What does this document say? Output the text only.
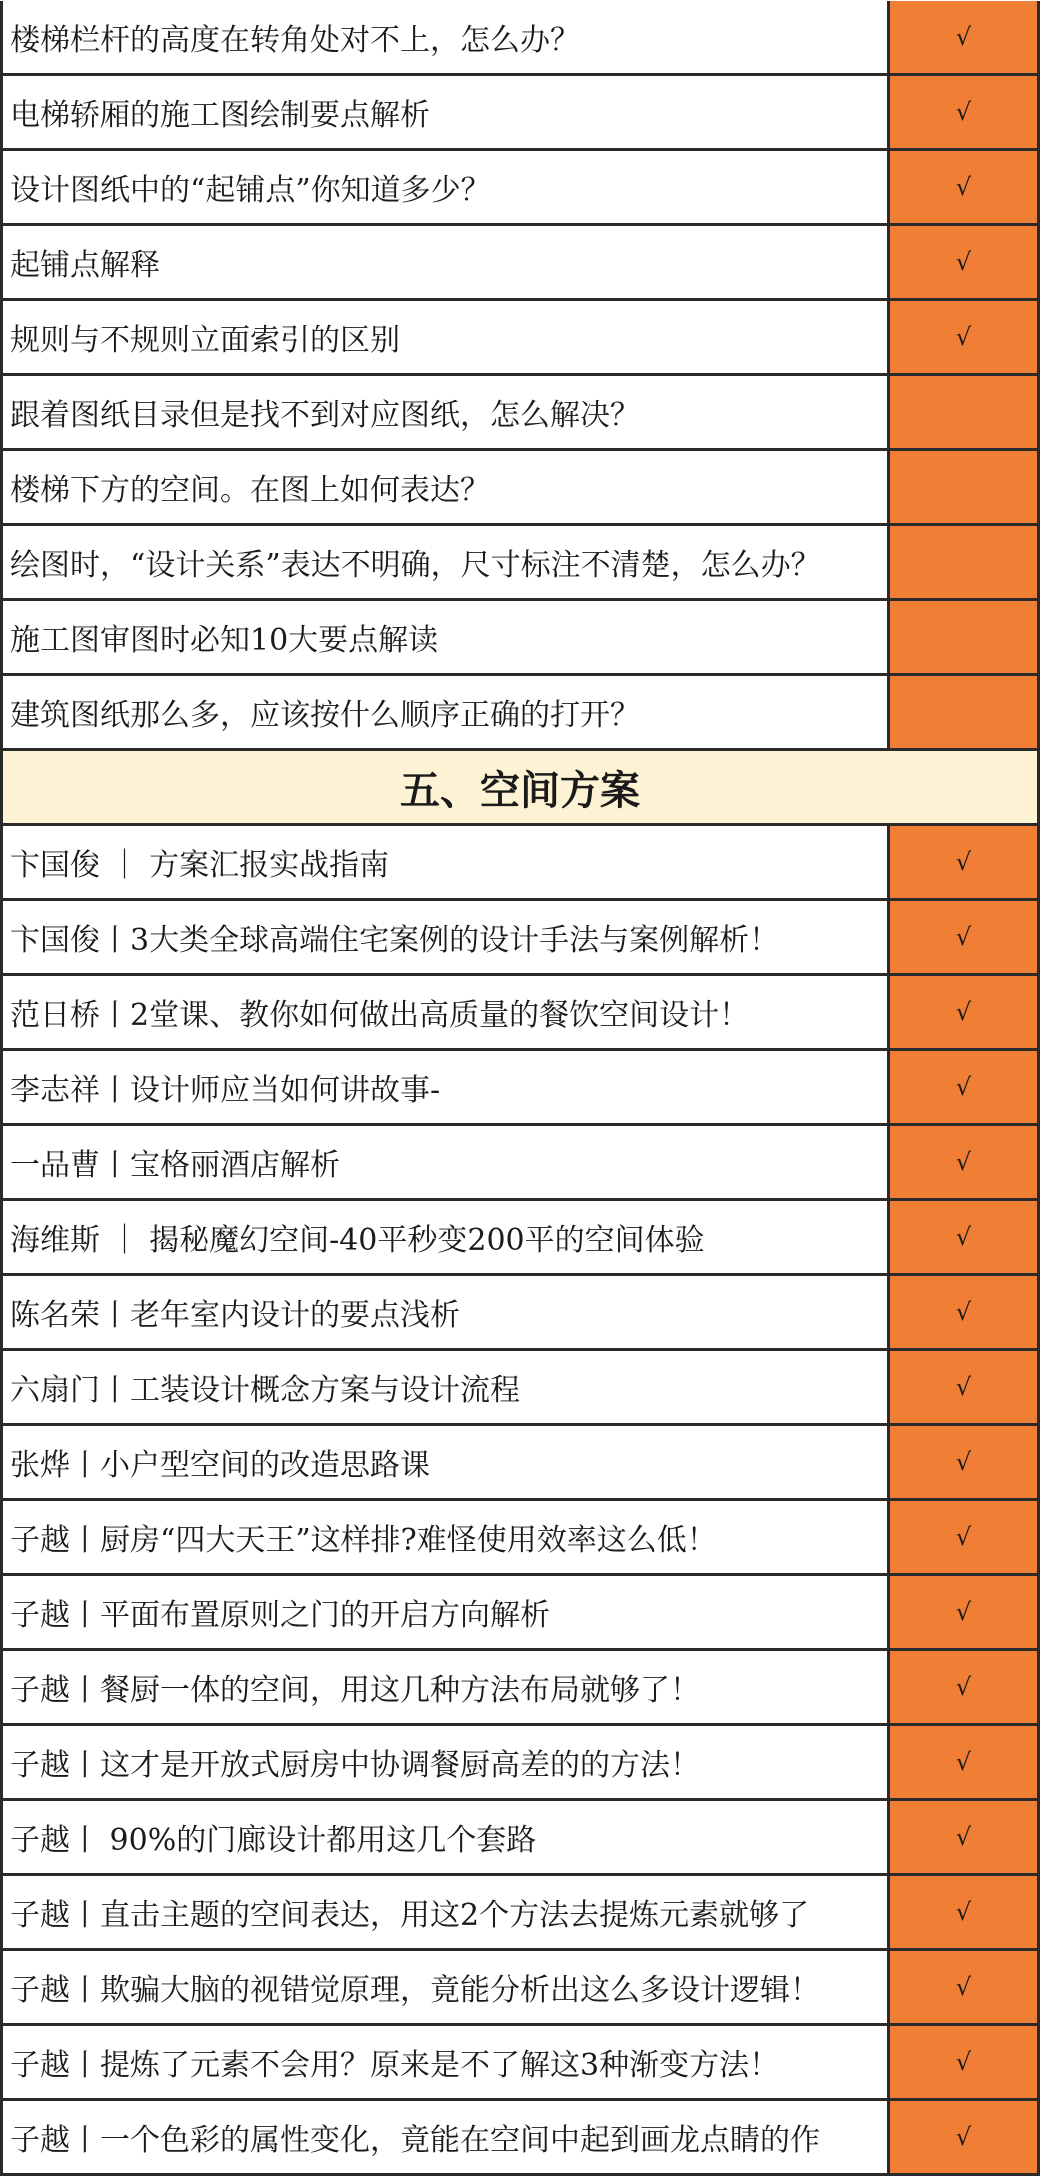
√
楼梯栏杆的高度在转角处对不上，怎么办？
√
电梯轿厢的施工图绘制要点解析
√
设计图纸中的“起铺点”你知道多少？
√
起铺点解释
√
规则与不规则立面索引的区别
跟着图纸目录但是找不到对应图纸，怎么解决？
楼梯下方的空间。在图上如何表达？
绘图时，“设计关系”表达不明确，尺寸标注不清楚，怎么办？
施工图审图时必知10大要点解读
建筑图纸那么多，应该按什么顺序正确的打开？
五、空间方案
√
卞国俊 ｜ 方案汇报实战指南
√
卞国俊丨3大类全球高端住宅案例的设计手法与案例解析！
√
范日桥丨2堂课、教你如何做出高质量的餐饮空间设计！
√
李志祥丨设计师应当如何讲故事-
√
一品曹丨宝格丽酒店解析
√
海维斯 ｜ 揭秘魔幻空间-40平秒变200平的空间体验
√
陈名荣丨老年室内设计的要点浅析
√
六扇门丨工装设计概念方案与设计流程
√
张烨丨小户型空间的改造思路课
√
子越丨厨房“四大天王”这样排?难怪使用效率这么低！
√
子越丨平面布置原则之门的开启方向解析
√
子越丨餐厨一体的空间，用这几种方法布局就够了！
√
子越丨这才是开放式厨房中协调餐厨高差的的方法！
√
子越丨 90%的门廊设计都用这几个套路
√
子越丨直击主题的空间表达，用这2个方法去提炼元素就够了
√
子越丨欺骗大脑的视错觉原理，竟能分析出这么多设计逻辑！
√
子越丨提炼了元素不会用？原来是不了解这3种渐变方法！
√
子越丨一个色彩的属性变化，竟能在空间中起到画龙点睛的作
